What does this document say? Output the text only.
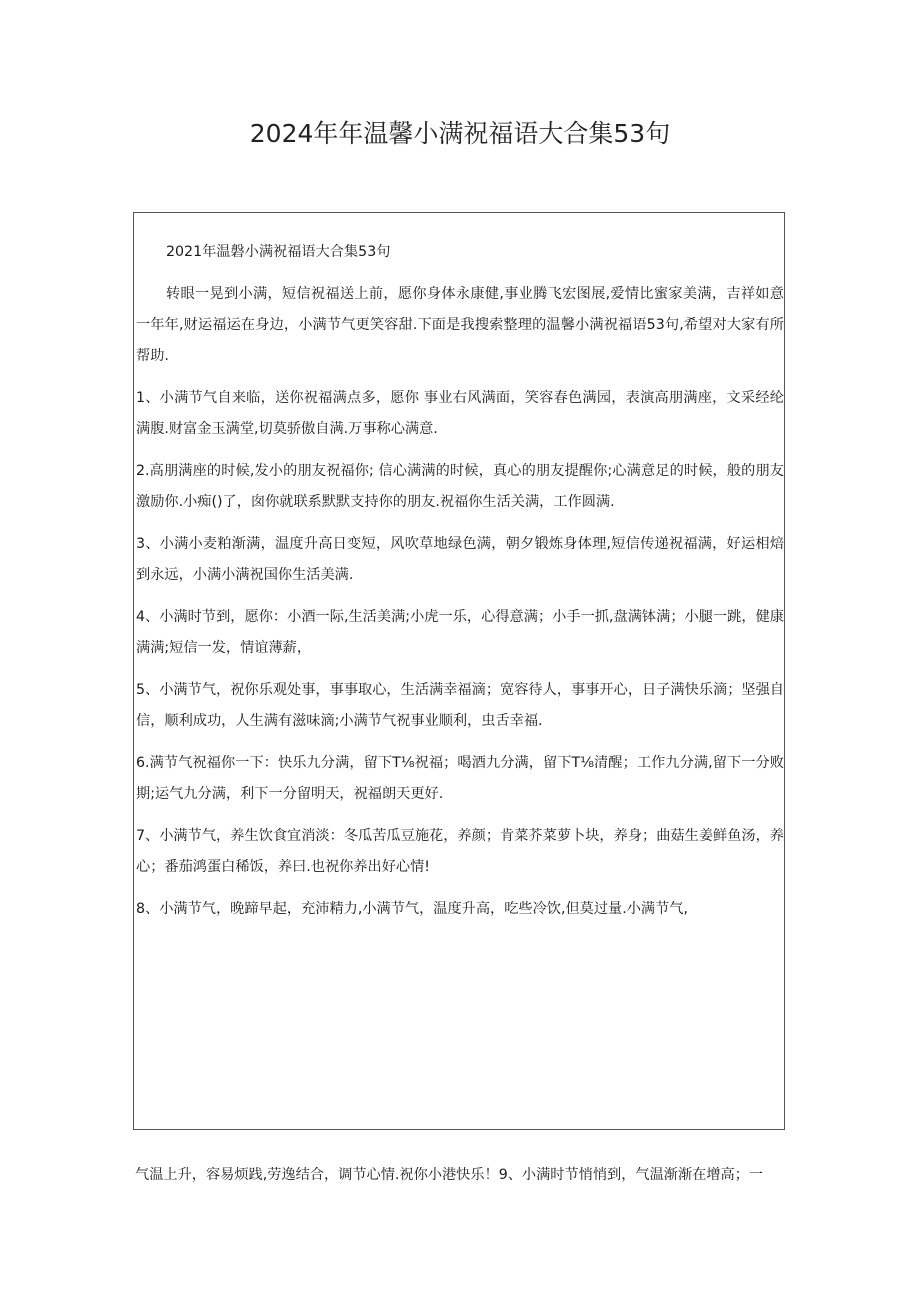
2024年年温馨小满祝福语大合集53句
2021年温磐小满祝福语大合集53句

转眼一晃到小满，短信祝福送上前，愿你身体永康健,事业腾飞宏图展,爱情比蜜家美满，吉祥如意一年年,财运福运在身边，小满节气更笑容甜.下面是我搜索整理的温馨小满祝福语53句,希望对大家有所帮助.

1、小满节气自来临，送你祝福满点多，愿你 事业右风满面，笑容春色满园，表演高朋满座，文采经纶满腹.财富金玉满堂,切莫骄傲自满.万事称心满意.

2.高朋满座的时候,发小的朋友祝福你; 信心满满的时候，真心的朋友提醒你;心满意足的时候，般的朋友激励你.小痴()了，囱你就联系默默支持你的朋友.祝福你生活关满，工作圆满.

3、小满小麦粕渐满，温度升高日变短，风吹草地绿色满，朝夕锻炼身体理,短信传递祝福满，好运相焙到永远，小满小满祝国你生活美满.

4、小满时节到，愿你：小酒一际,生活美满;小虎一乐，心得意满；小手一抓,盘满钵满；小腿一跳，健康满满;短信一发，情谊薄薪，

5、小满节气，祝你乐观处事，事事取心，生活满幸福滴；宽容待人，事事开心，日子满快乐滴；坚强自信，顺利成功，人生满有滋味滴;小满节气祝事业顺利，虫舌幸福.

6.满节气祝福你一下：快乐九分满，留下T⅛祝福；喝酒九分满，留下T⅛清醒；工作九分满,留下一分败期;运气九分满，利下一分留明天，祝福朗天更好.

7、小满节气，养生饮食宜消淡：冬瓜苦瓜豆施花，养颜；肯菜芥菜萝卜块，养身；曲菇生姜鲜鱼汤，养心；番茄鸿蛋白稀饭，养曰.也祝你养出好心情!

8、小满节气，晚蹄早起，充沛精力,小满节气，温度升高，吃些冷饮,但莫过量.小满节气,

气温上升，容易烦践,劳逸结合，调节心情.祝你小港快乐！9、小满时节悄悄到，气温渐渐在增高；一
